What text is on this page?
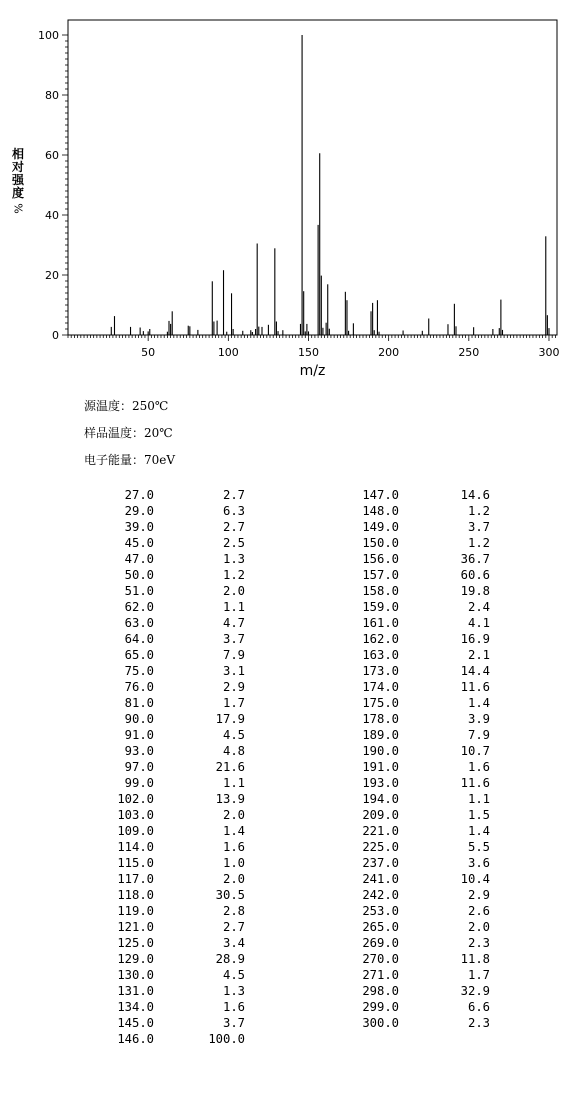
50	100	150	200	250	300
0
20
40
60
80
100
m/z
相
对
强
度
%
源温度：250℃
样品温度：20℃
电子能量：70eV
27.0	2.7
29.0	6.3
39.0	2.7
45.0	2.5
47.0	1.3
50.0	1.2
51.0	2.0
62.0	1.1
63.0	4.7
64.0	3.7
65.0	7.9
75.0	3.1
76.0	2.9
81.0	1.7
90.0	17.9
91.0	4.5
93.0	4.8
97.0	21.6
99.0	1.1
102.0	13.9
103.0	2.0
109.0	1.4
114.0	1.6
115.0	1.0
117.0	2.0
118.0	30.5
119.0	2.8
121.0	2.7
125.0	3.4
129.0	28.9
130.0	4.5
131.0	1.3
134.0	1.6
145.0	3.7
146.0	100.0
147.0	14.6
148.0	1.2
149.0	3.7
150.0	1.2
156.0	36.7
157.0	60.6
158.0	19.8
159.0	2.4
161.0	4.1
162.0	16.9
163.0	2.1
173.0	14.4
174.0	11.6
175.0	1.4
178.0	3.9
189.0	7.9
190.0	10.7
191.0	1.6
193.0	11.6
194.0	1.1
209.0	1.5
221.0	1.4
225.0	5.5
237.0	3.6
241.0	10.4
242.0	2.9
253.0	2.6
265.0	2.0
269.0	2.3
270.0	11.8
271.0	1.7
298.0	32.9
299.0	6.6
300.0	2.3
